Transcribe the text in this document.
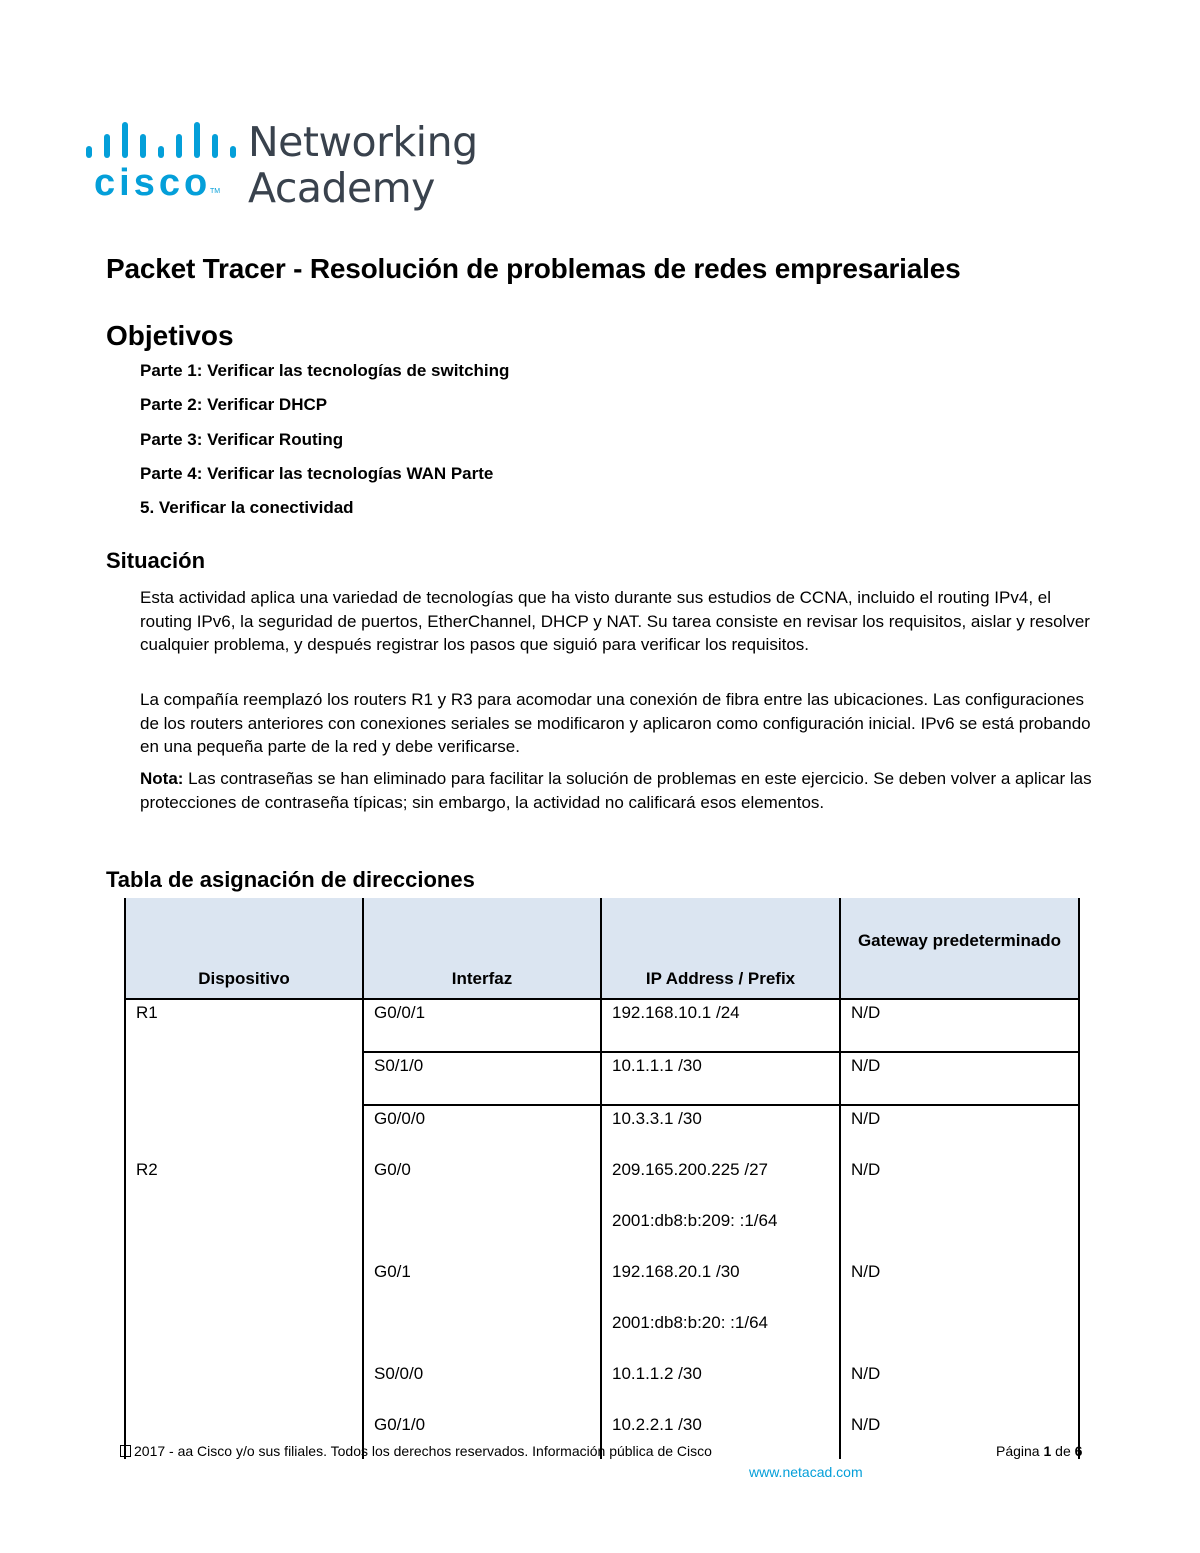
cisco
TM
Networking
Academy
Packet Tracer - Resolución de problemas de redes empresariales
Objetivos
Parte 1: Verificar las tecnologías de switching
Parte 2: Verificar DHCP
Parte 3: Verificar Routing
Parte 4: Verificar las tecnologías WAN Parte
5. Verificar la conectividad
Situación

Esta actividad aplica una variedad de tecnologías que ha visto durante sus estudios de CCNA, incluido el routing IPv4, el routing IPv6, la seguridad de puertos, EtherChannel, DHCP y NAT. Su tarea consiste en revisar los requisitos, aislar y resolver cualquier problema, y después registrar los pasos que siguió para verificar los requisitos.

La compañía reemplazó los routers R1 y R3 para acomodar una conexión de fibra entre las ubicaciones. Las configuraciones de los routers anteriores con conexiones seriales se modificaron y aplicaron como configuración inicial. IPv6 se está probando en una pequeña parte de la red y debe verificarse.

Nota: Las contraseñas se han eliminado para facilitar la solución de problemas en este ejercicio. Se deben volver a aplicar las protecciones de contraseña típicas; sin embargo, la actividad no calificará esos elementos.

Tabla de asignación de direcciones
Dispositivo	Interfaz	IP Address / Prefix	Gateway predeterminado
R1	G0/0/1	192.168.10.1 /24	N/D
	S0/1/0	10.1.1.1 /30	N/D
	G0/0/0	10.3.3.1 /30	N/D
R2	G0/0	209.165.200.225 /27	N/D
		2001:db8:b:209: :1/64	
	G0/1	192.168.20.1 /30	N/D
		2001:db8:b:20: :1/64	
	S0/0/0	10.1.1.2 /30	N/D
	G0/1/0	10.2.2.1 /30	N/D
2017 - aa Cisco y/o sus filiales. Todos los derechos reservados. Información pública de Cisco	Página 1 de 6
www.netacad.com
